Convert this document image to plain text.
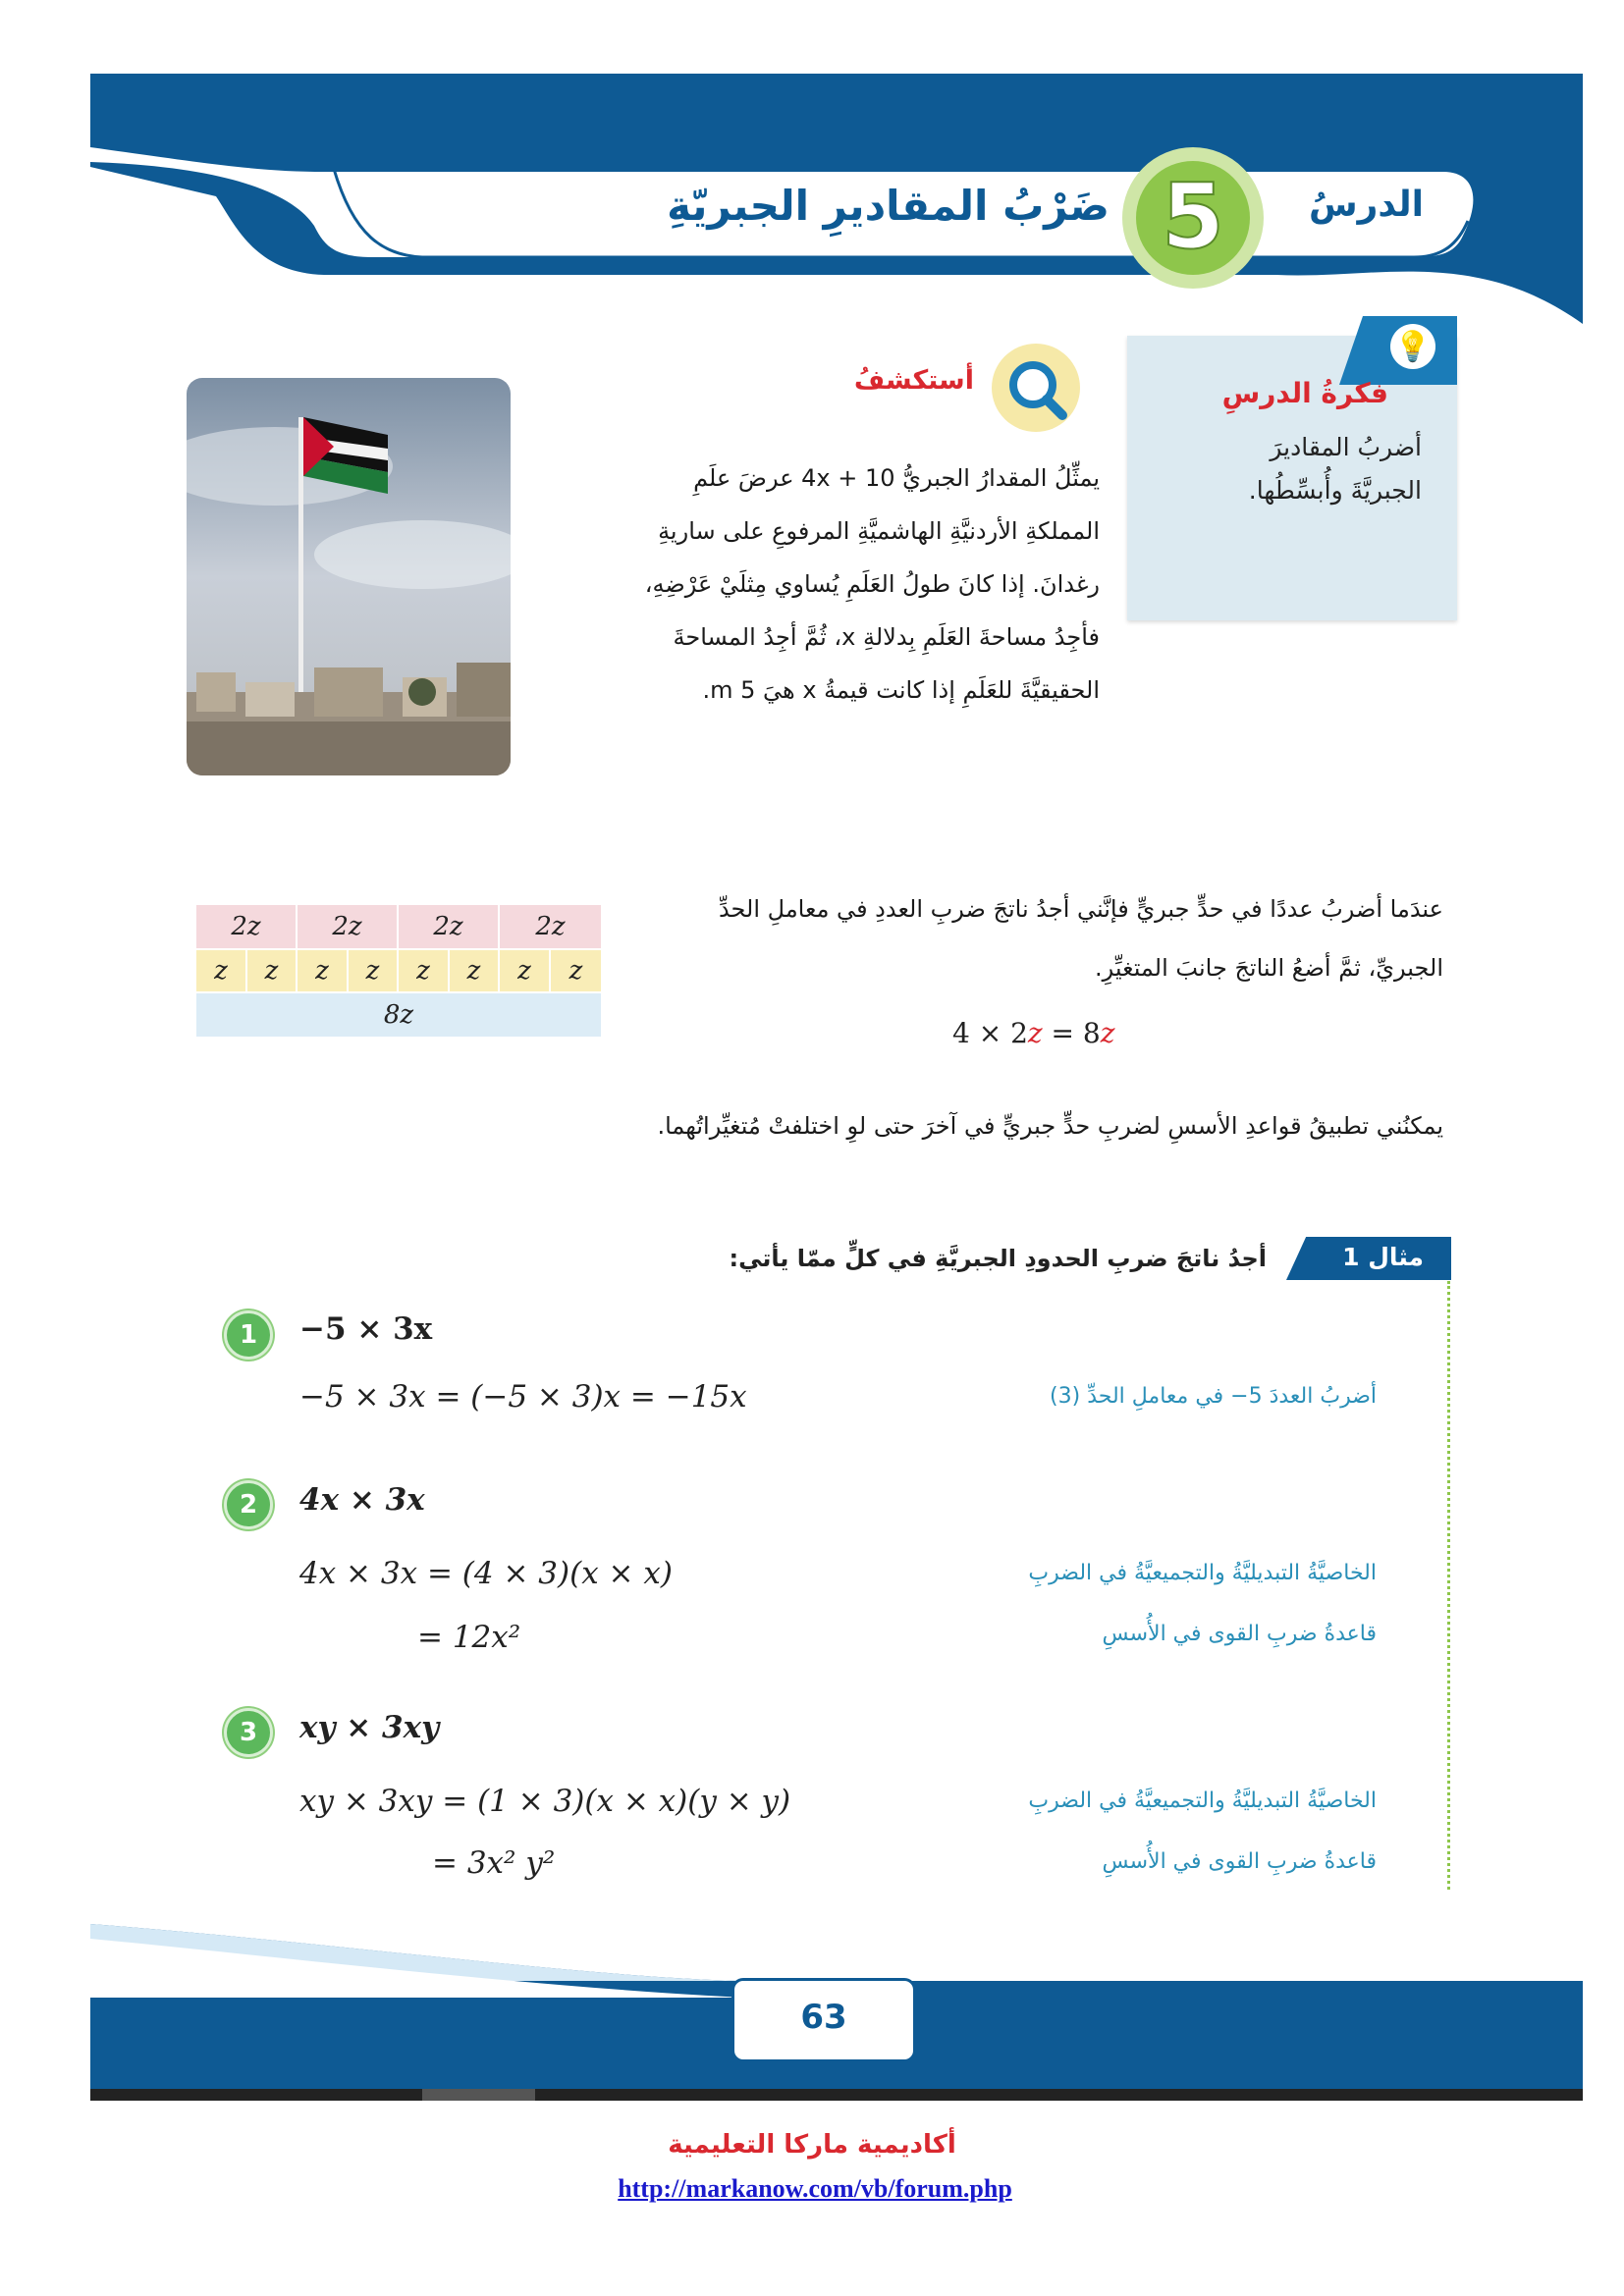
5	الدرسُ
ضَرْبُ المقاديرِ الجبريّةِ
💡
فكرةُ الدرسِ
أضربُ المقاديرَ الجبريَّةَ وأُبسِّطُها.
أستكشفُ
يمثِّلُ المقدارُ الجبريُّ 10 + 4x عرضَ علَمِ
المملكةِ الأردنيَّةِ الهاشميَّةِ المرفوعِ على ساريةِ
رغدانَ. إذا كانَ طولُ العَلَمِ يُساوي مِثلَيْ عَرْضِهِ،
فأجِدُ مساحةَ العَلَمِ بِدلالةِ x، ثُمَّ أجِدُ المساحةَ
الحقيقيَّةَ للعَلَمِ إذا كانت قيمةُ x هيَ 5 m.
عندَما أضربُ عددًا في حدٍّ جبريٍّ فإنَّني أجدُ ناتجَ ضربِ العددِ في معاملِ الحدِّ
الجبريِّ، ثمَّ أضعُ الناتجَ جانبَ المتغيِّرِ.
4 × 2z = 8z
2z	2z	2z	2z
z	z	z	z	z	z	z	z
8z
يمكنُني تطبيقُ قواعدِ الأسسِ لضربِ حدٍّ جبريٍّ في آخرَ حتى لوِ اختلفتْ مُتغيِّراتُهما.
مثال 1
أجدُ ناتجَ ضربِ الحدودِ الجبريَّةِ في كلٍّ ممّا يأتي:
1	−5 × 3x
−5 × 3x = (−5 × 3)x = −15x	أضربُ العددَ 5− في معاملِ الحدِّ (3)
2	4x × 3x
4x × 3x = (4 × 3)(x × x)
= 12x²
الخاصيَّةُ التبديليَّةُ والتجميعيَّةُ في الضربِ
قاعدةُ ضربِ القوى في الأُسسِ
3	xy × 3xy
xy × 3xy = (1 × 3)(x × x)(y × y)
= 3x² y²
الخاصيَّةُ التبديليَّةُ والتجميعيَّةُ في الضربِ
قاعدةُ ضربِ القوى في الأُسسِ
63
أكاديمية ماركا التعليمية
http://markanow.com/vb/forum.php
